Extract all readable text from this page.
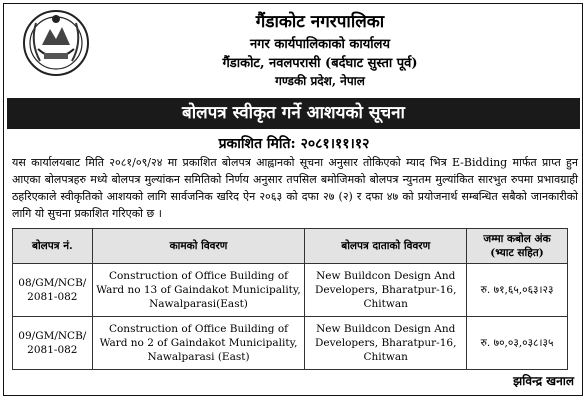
गैंडाकोट नगरपालिका
नगर कार्यपालिकाको कार्यालय
गैंडाकोट, नवलपरासी (बर्दघाट सुस्ता पूर्व)
गण्डकी प्रदेश, नेपाल
बोलपत्र स्वीकृत गर्ने आशयको सूचना
प्रकाशित मिति: २०८१।११।१२
यस कार्यालयबाट मिति २०८१/०९/२४ मा प्रकाशित बोलपत्र आह्वानको सूचना अनुसार तोकिएको म्याद भित्र E-Bidding मार्फत प्राप्त हुन आएका बोलपत्रहरु मध्ये बोलपत्र मुल्यांकन समितिको निर्णय अनुसार तपसिल बमोजिमको बोलपत्र न्युनतम मुल्यांकित सारभुत रुपमा प्रभावग्राही ठहरिएकाले स्वीकृतिको आशयको लागि सार्वजनिक खरिद ऐन २०६३ को दफा २७ (२) र दफा ४७ को प्रयोजनार्थ सम्बन्धित सबैको जानकारीको लागि यो सुचना प्रकाशित गरिएको छ ।
बोलपत्र नं.	कामको विवरण	बोलपत्र दाताको विवरण	जम्मा कबोल अंक (भ्याट सहित)
08/GM/NCB/ 2081-082	Construction of Office Building of Ward no 13 of Gaindakot Municipality, Nawalparasi(East)	New Buildcon Design And Developers, Bharatpur-16, Chitwan	रु. ७१,६५,०६३।२३
09/GM/NCB/ 2081-082	Construction of Office Building of Ward no 2 of Gaindakot Municipality, Nawalparasi (East)	New Buildcon Design And Developers, Bharatpur-16, Chitwan	रु. ७०,०३,०३८।३५
झविन्द्र खनाल
